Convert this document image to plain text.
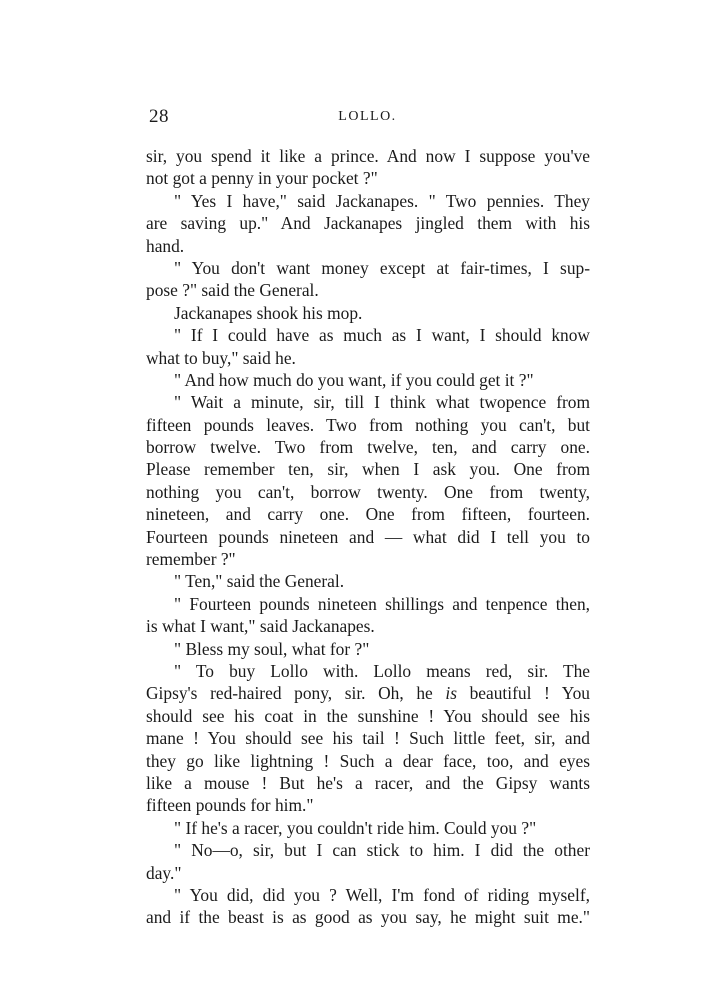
28	LOLLO.
sir, you spend it like a prince. And now I suppose you've
not got a penny in your pocket ?"
" Yes I have," said Jackanapes. " Two pennies. They
are saving up." And Jackanapes jingled them with his
hand.
" You don't want money except at fair-times, I sup-
pose ?" said the General.
Jackanapes shook his mop.
" If I could have as much as I want, I should know
what to buy," said he.
" And how much do you want, if you could get it ?"
" Wait a minute, sir, till I think what twopence from
fifteen pounds leaves. Two from nothing you can't, but
borrow twelve. Two from twelve, ten, and carry one.
Please remember ten, sir, when I ask you. One from
nothing you can't, borrow twenty. One from twenty,
nineteen, and carry one. One from fifteen, fourteen.
Fourteen pounds nineteen and — what did I tell you to
remember ?"
" Ten," said the General.
" Fourteen pounds nineteen shillings and tenpence then,
is what I want," said Jackanapes.
" Bless my soul, what for ?"
" To buy Lollo with. Lollo means red, sir. The
Gipsy's red-haired pony, sir. Oh, he is beautiful ! You
should see his coat in the sunshine ! You should see his
mane ! You should see his tail ! Such little feet, sir, and
they go like lightning ! Such a dear face, too, and eyes
like a mouse ! But he's a racer, and the Gipsy wants
fifteen pounds for him."
" If he's a racer, you couldn't ride him. Could you ?"
" No—o, sir, but I can stick to him. I did the other
day."
" You did, did you ? Well, I'm fond of riding myself,
and if the beast is as good as you say, he might suit me."
